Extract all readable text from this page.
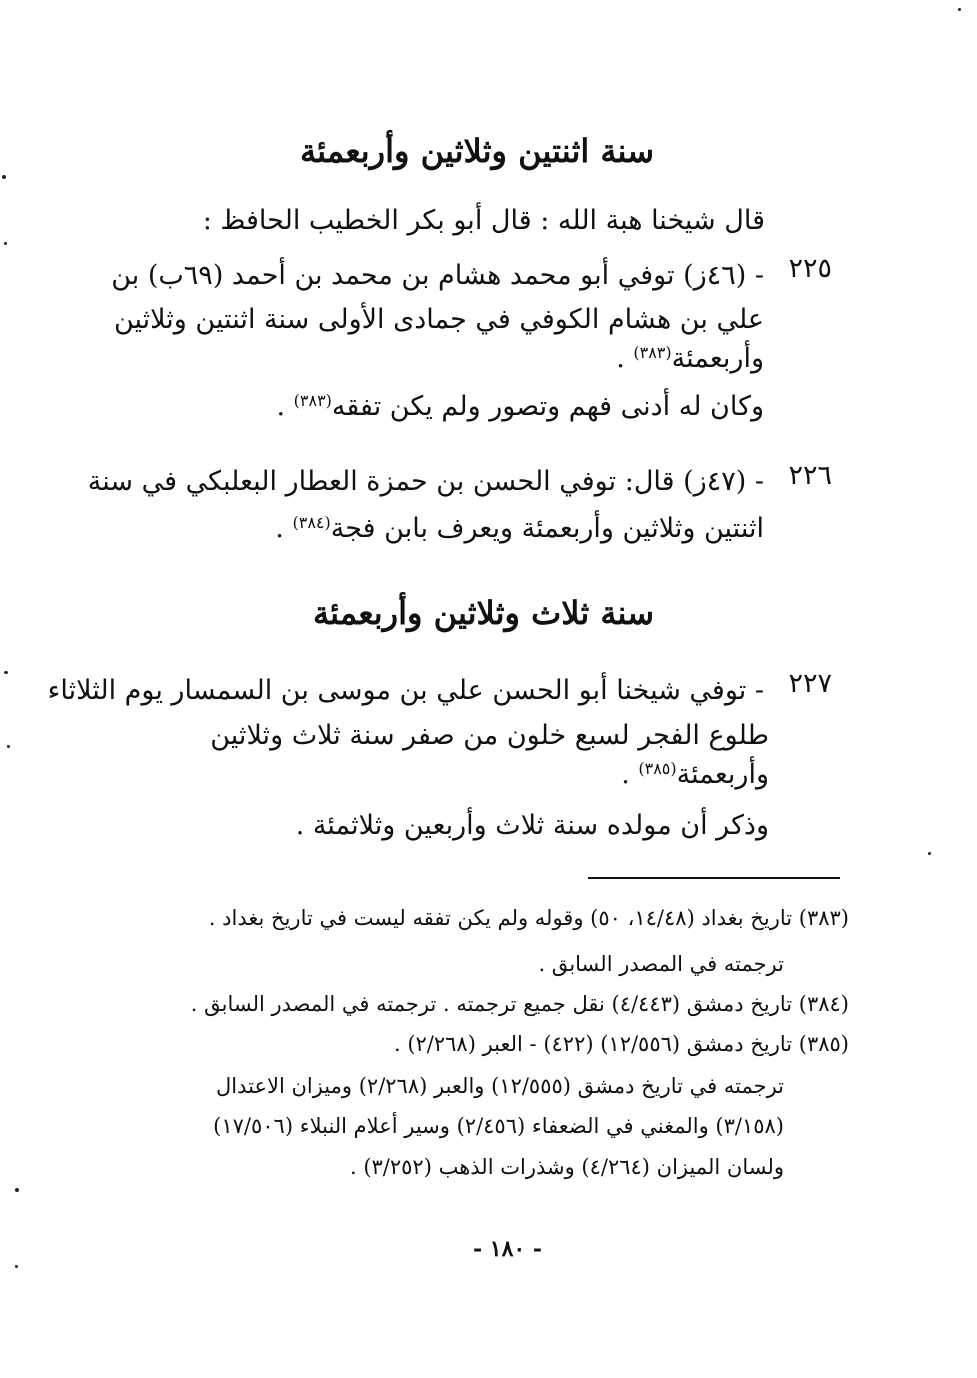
سنة اثنتين وثلاثين وأربعمئة
قال شيخنا هبة الله : قال أبو بكر الخطيب الحافظ :
٢٢٥
- (٤٦ز) توفي أبو محمد هشام بن محمد بن أحمد (٦٩ب) بن
علي بن هشام الكوفي في جمادى الأولى سنة اثنتين وثلاثين
وأربعمئة$^{(٣٨٣)}$ .
وكان له أدنى فهم وتصور ولم يكن تفقه$^{(٣٨٣)}$ .
٢٢٦
- (٤٧ز) قال: توفي الحسن بن حمزة العطار البعلبكي في سنة
اثنتين وثلاثين وأربعمئة ويعرف بابن فجة$^{(٣٨٤)}$ .
سنة ثلاث وثلاثين وأربعمئة
٢٢٧
- توفي شيخنا أبو الحسن علي بن موسى بن السمسار يوم الثلاثاء
طلوع الفجر لسبع خلون من صفر سنة ثلاث وثلاثين
وأربعمئة$^{(٣٨٥)}$ .
وذكر أن مولده سنة ثلاث وأربعين وثلاثمئة .
(٣٨٣) تاريخ بغداد (١٤/٤٨، ٥٠) وقوله ولم يكن تفقه ليست في تاريخ بغداد .
ترجمته في المصدر السابق .
(٣٨٤) تاريخ دمشق (٤/٤٤٣) نقل جميع ترجمته . ترجمته في المصدر السابق .
(٣٨٥) تاريخ دمشق (١٢/٥٥٦) (٤٢٢) - العبر (٢/٢٦٨) .
ترجمته في تاريخ دمشق (١٢/٥٥٥) والعبر (٢/٢٦٨) وميزان الاعتدال
(٣/١٥٨) والمغني في الضعفاء (٢/٤٥٦) وسير أعلام النبلاء (١٧/٥٠٦)
ولسان الميزان (٤/٢٦٤) وشذرات الذهب (٣/٢٥٢) .
- ١٨٠ -
